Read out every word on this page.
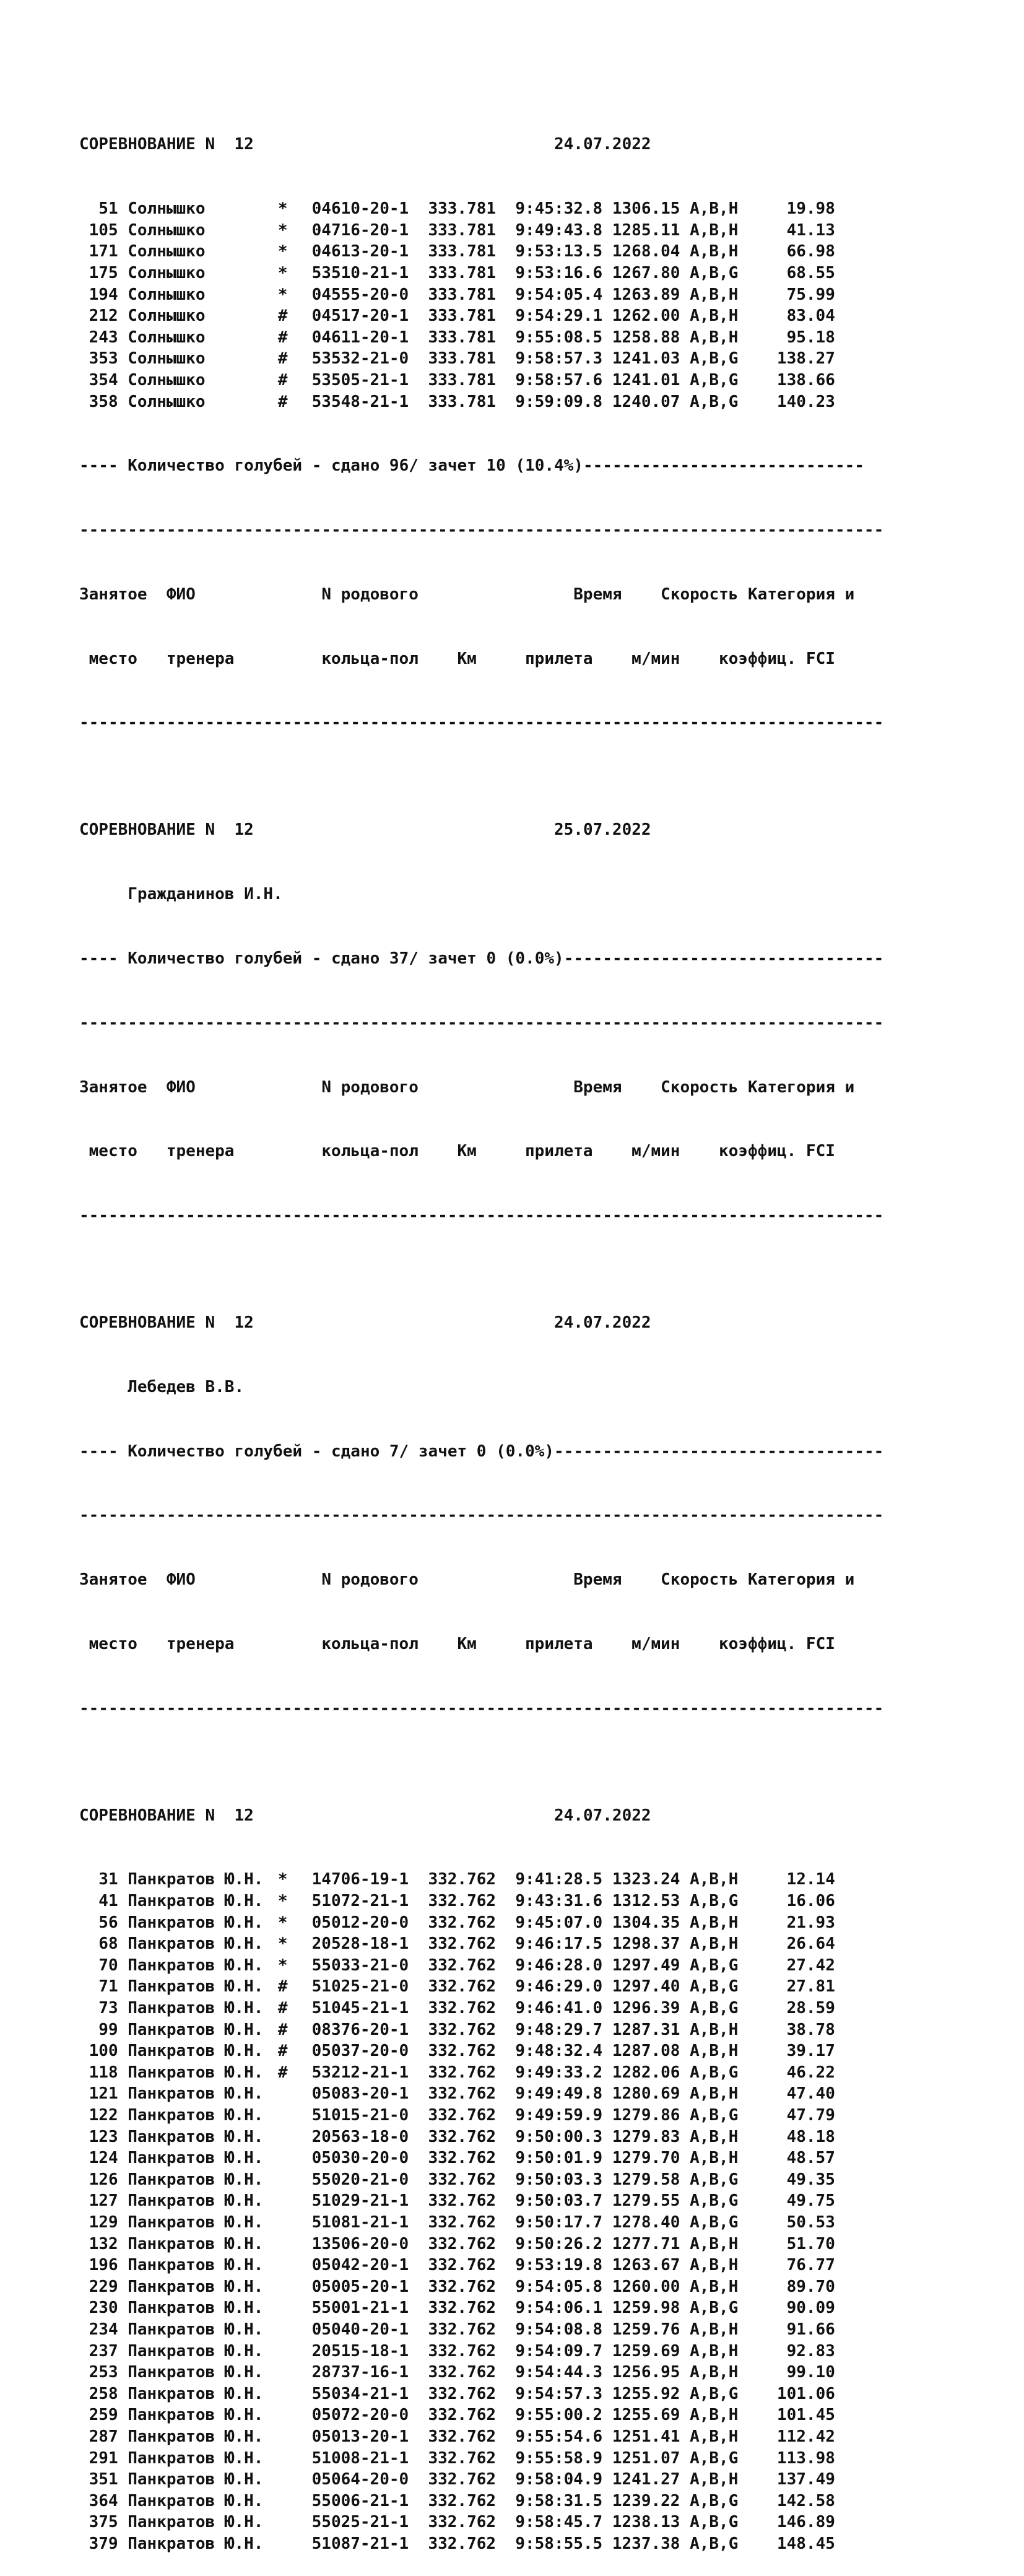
СОРЕВНОВАНИЕ N  12	24.07.2022

51 Солнышко	* 04610-20-1 333.781 9:45:32.8 1306.15 A,B,H	19.98
105 Солнышко	* 04716-20-1 333.781 9:49:43.8 1285.11 A,B,H	41.13
171 Солнышко	* 04613-20-1 333.781 9:53:13.5 1268.04 A,B,H	66.98
175 Солнышко	* 53510-21-1 333.781 9:53:16.6 1267.80 A,B,G	68.55
194 Солнышко	* 04555-20-0 333.781 9:54:05.4 1263.89 A,B,H	75.99
212 Солнышко	# 04517-20-1 333.781 9:54:29.1 1262.00 A,B,H	83.04
243 Солнышко	# 04611-20-1 333.781 9:55:08.5 1258.88 A,B,H	95.18
353 Солнышко	# 53532-21-0 333.781 9:58:57.3 1241.03 A,B,G 138.27
354 Солнышко	# 53505-21-1 333.781 9:58:57.6 1241.01 A,B,G 138.66
358 Солнышко	# 53548-21-1 333.781 9:59:09.8 1240.07 A,B,G 140.23

---- Количество голубей - сдано 96/ зачет 10 (10.4%)-----------------------------

-----------------------------------------------------------------------------------

Занятое ФИО	N родового	Время Скорость Категория и

место тренера	кольца-пол Км	прилета м/мин коэффиц. FCI

-----------------------------------------------------------------------------------

СОРЕВНОВАНИЕ N  12	25.07.2022

Гражданинов И.Н.

---- Количество голубей - сдано 37/ зачет 0 (0.0%)---------------------------------

-----------------------------------------------------------------------------------

Занятое ФИО	N родового	Время Скорость Категория и

место тренера	кольца-пол Км	прилета м/мин коэффиц. FCI

-----------------------------------------------------------------------------------

СОРЕВНОВАНИЕ N  12	24.07.2022

Лебедев В.В.

---- Количество голубей - сдано 7/ зачет 0 (0.0%)----------------------------------

-----------------------------------------------------------------------------------

Занятое ФИО	N родового	Время Скорость Категория и

место тренера	кольца-пол Км	прилета м/мин коэффиц. FCI

-----------------------------------------------------------------------------------

СОРЕВНОВАНИЕ N  12	24.07.2022

31 Панкратов Ю.Н. * 14706-19-1 332.762 9:41:28.5 1323.24 A,B,H	12.14
41 Панкратов Ю.Н. * 51072-21-1 332.762 9:43:31.6 1312.53 A,B,G	16.06
56 Панкратов Ю.Н. * 05012-20-0 332.762 9:45:07.0 1304.35 A,B,H	21.93
68 Панкратов Ю.Н. * 20528-18-1 332.762 9:46:17.5 1298.37 A,B,H	26.64
70 Панкратов Ю.Н. * 55033-21-0 332.762 9:46:28.0 1297.49 A,B,G	27.42
71 Панкратов Ю.Н. # 51025-21-0 332.762 9:46:29.0 1297.40 A,B,G	27.81
73 Панкратов Ю.Н. # 51045-21-1 332.762 9:46:41.0 1296.39 A,B,G	28.59
99 Панкратов Ю.Н. # 08376-20-1 332.762 9:48:29.7 1287.31 A,B,H	38.78
100 Панкратов Ю.Н. # 05037-20-0 332.762 9:48:32.4 1287.08 A,B,H	39.17
118 Панкратов Ю.Н. # 53212-21-1 332.762 9:49:33.2 1282.06 A,B,G	46.22
121 Панкратов Ю.Н.	05083-20-1 332.762 9:49:49.8 1280.69 A,B,H	47.40
122 Панкратов Ю.Н.	51015-21-0 332.762 9:49:59.9 1279.86 A,B,G	47.79
123 Панкратов Ю.Н.	20563-18-0 332.762 9:50:00.3 1279.83 A,B,H	48.18
124 Панкратов Ю.Н.	05030-20-0 332.762 9:50:01.9 1279.70 A,B,H	48.57
126 Панкратов Ю.Н.	55020-21-0 332.762 9:50:03.3 1279.58 A,B,G	49.35
127 Панкратов Ю.Н.	51029-21-1 332.762 9:50:03.7 1279.55 A,B,G	49.75
129 Панкратов Ю.Н.	51081-21-1 332.762 9:50:17.7 1278.40 A,B,G	50.53
132 Панкратов Ю.Н.	13506-20-0 332.762 9:50:26.2 1277.71 A,B,H	51.70
196 Панкратов Ю.Н.	05042-20-1 332.762 9:53:19.8 1263.67 A,B,H	76.77
229 Панкратов Ю.Н.	05005-20-1 332.762 9:54:05.8 1260.00 A,B,H	89.70
230 Панкратов Ю.Н.	55001-21-1 332.762 9:54:06.1 1259.98 A,B,G	90.09
234 Панкратов Ю.Н.	05040-20-1 332.762 9:54:08.8 1259.76 A,B,H	91.66
237 Панкратов Ю.Н.	20515-18-1 332.762 9:54:09.7 1259.69 A,B,H	92.83
253 Панкратов Ю.Н.	28737-16-1 332.762 9:54:44.3 1256.95 A,B,H	99.10
258 Панкратов Ю.Н.	55034-21-1 332.762 9:54:57.3 1255.92 A,B,G 101.06
259 Панкратов Ю.Н.	05072-20-0 332.762 9:55:00.2 1255.69 A,B,H 101.45
287 Панкратов Ю.Н.	05013-20-1 332.762 9:55:54.6 1251.41 A,B,H 112.42
291 Панкратов Ю.Н.	51008-21-1 332.762 9:55:58.9 1251.07 A,B,G 113.98
351 Панкратов Ю.Н.	05064-20-0 332.762 9:58:04.9 1241.27 A,B,H 137.49
364 Панкратов Ю.Н.	55006-21-1 332.762 9:58:31.5 1239.22 A,B,G 142.58
375 Панкратов Ю.Н.	55025-21-1 332.762 9:58:45.7 1238.13 A,B,G 146.89
379 Панкратов Ю.Н.	51087-21-1 332.762 9:58:55.5 1237.38 A,B,G 148.45
